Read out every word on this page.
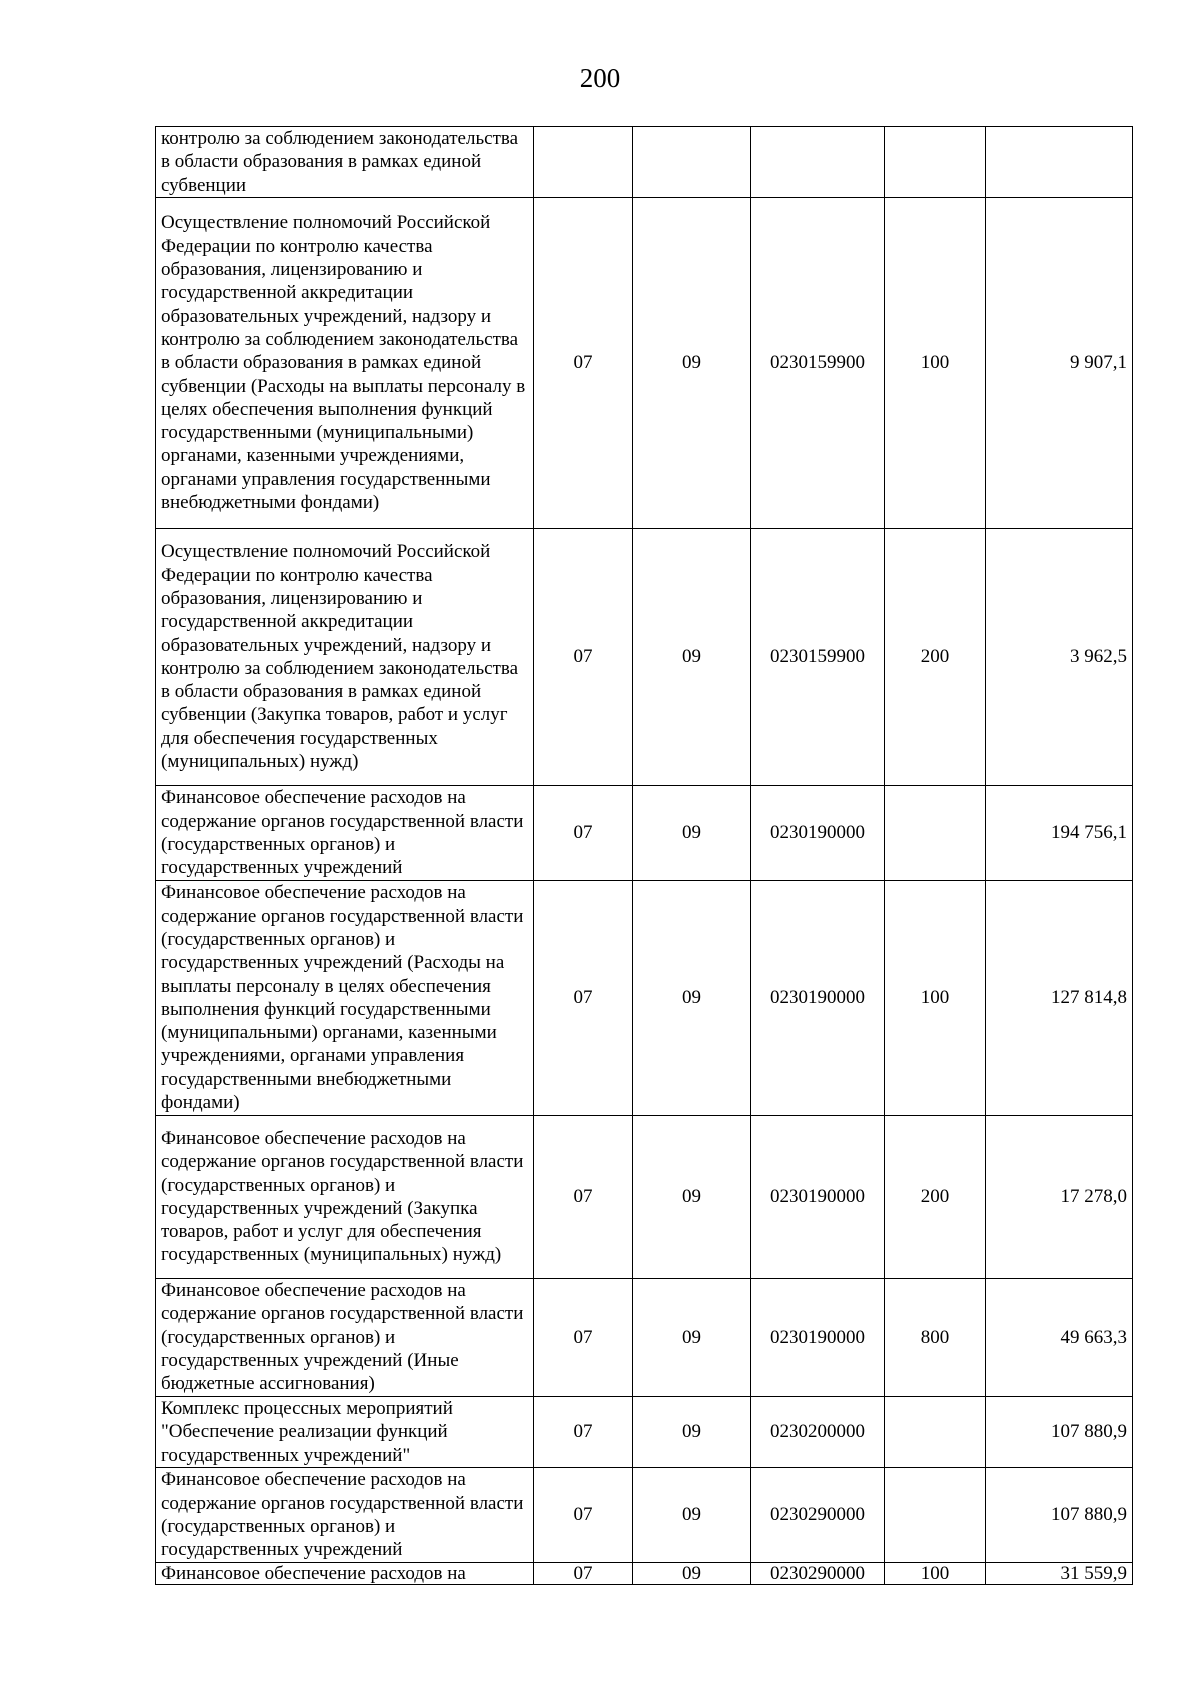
200
контролю за соблюдением законодательства в области образования в рамках единой субвенции					
Осуществление полномочий Российской Федерации по контролю качества образования, лицензированию и государственной аккредитации образовательных учреждений, надзору и контролю за соблюдением законодательства в области образования в рамках единой субвенции (Расходы на выплаты персоналу в целях обеспечения выполнения функций государственными (муниципальными) органами, казенными учреждениями, органами управления государственными внебюджетными фондами)	07	09	0230159900	100	9 907,1
Осуществление полномочий Российской Федерации по контролю качества образования, лицензированию и государственной аккредитации образовательных учреждений, надзору и контролю за соблюдением законодательства в области образования в рамках единой субвенции (Закупка товаров, работ и услуг для обеспечения государственных (муниципальных) нужд)	07	09	0230159900	200	3 962,5
Финансовое обеспечение расходов на содержание органов государственной власти (государственных органов) и государственных учреждений	07	09	0230190000		194 756,1
Финансовое обеспечение расходов на содержание органов государственной власти (государственных органов) и государственных учреждений (Расходы на выплаты персоналу в целях обеспечения выполнения функций государственными (муниципальными) органами, казенными учреждениями, органами управления государственными внебюджетными фондами)	07	09	0230190000	100	127 814,8
Финансовое обеспечение расходов на содержание органов государственной власти (государственных органов) и государственных учреждений (Закупка товаров, работ и услуг для обеспечения государственных (муниципальных) нужд)	07	09	0230190000	200	17 278,0
Финансовое обеспечение расходов на содержание органов государственной власти (государственных органов) и государственных учреждений (Иные бюджетные ассигнования)	07	09	0230190000	800	49 663,3
Комплекс процессных мероприятий "Обеспечение реализации функций государственных учреждений"	07	09	0230200000		107 880,9
Финансовое обеспечение расходов на содержание органов государственной власти (государственных органов) и государственных учреждений	07	09	0230290000		107 880,9
Финансовое обеспечение расходов на	07	09	0230290000	100	31 559,9
